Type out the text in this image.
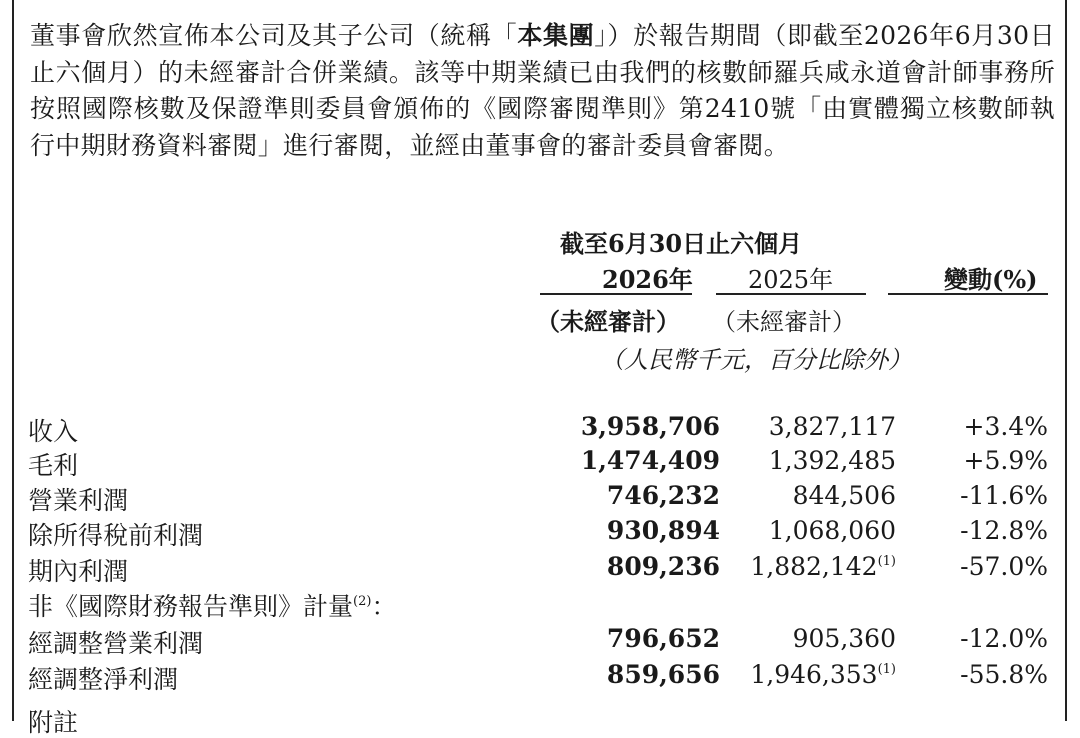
董事會欣然宣佈本公司及其子公司（統稱「本集團」）於報告期間（即截至2026年6月30日止六個月）的未經審計合併業績。該等中期業績已由我們的核數師羅兵咸永道會計師事務所按照國際核數及保證準則委員會頒佈的《國際審閱準則》第2410號「由實體獨立核數師執行中期財務資料審閱」進行審閱，並經由董事會的審計委員會審閱。
截至6月30日止六個月
2026年 2025年	變動(%)
（未經審計） （未經審計）
（人民幣千元，百分比除外）
收入	3,958,706 3,827,117	+3.4%
毛利	1,474,409 1,392,485	+5.9%
營業利潤	746,232	844,506	-11.6%
除所得稅前利潤	930,894 1,068,060	-12.8%
期內利潤	809,236 1,882,142$^{(1)}$	-57.0%
非《國際財務報告準則》計量$^{(2)}$：
經調整營業利潤	796,652	905,360	-12.0%
經調整淨利潤	859,656 1,946,353$^{(1)}$	-55.8%
附註
